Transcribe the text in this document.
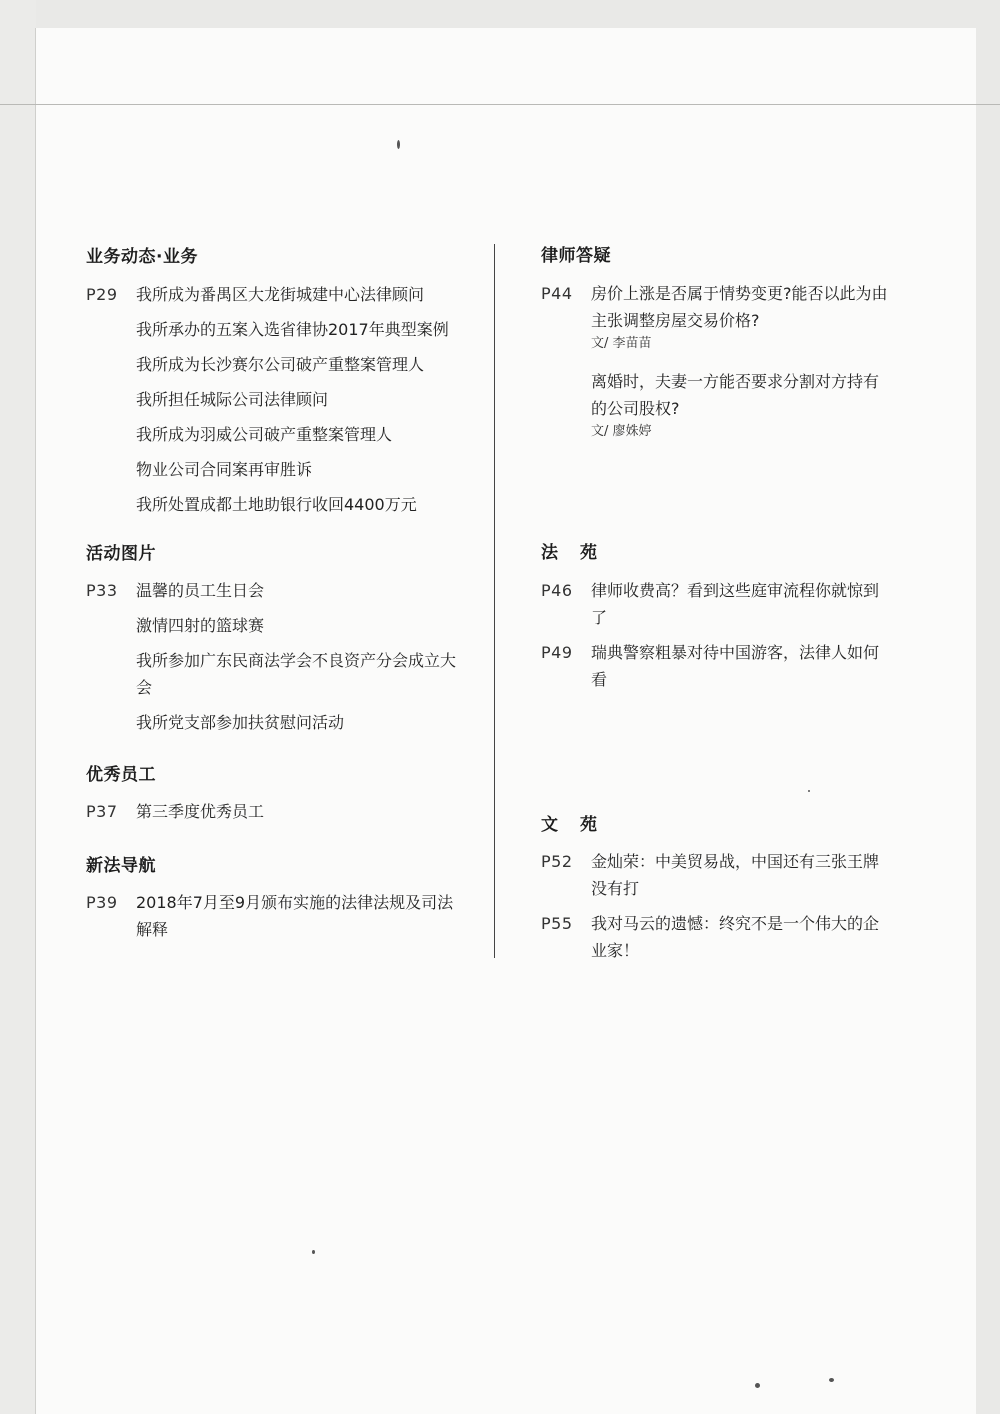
业务动态·业务
P29 我所成为番禺区大龙街城建中心法律顾问
我所承办的五案入选省律协2017年典型案例
我所成为长沙赛尔公司破产重整案管理人
我所担任城际公司法律顾问
我所成为羽威公司破产重整案管理人
物业公司合同案再审胜诉
我所处置成都土地助银行收回4400万元
活动图片
P33 温馨的员工生日会
激情四射的篮球赛
我所参加广东民商法学会不良资产分会成立大会
我所党支部参加扶贫慰问活动
优秀员工
P37 第三季度优秀员工
新法导航
P39 2018年7月至9月颁布实施的法律法规及司法解释
律师答疑
P44 房价上涨是否属于情势变更?能否以此为由主张调整房屋交易价格?
文/ 李苗苗
离婚时，夫妻一方能否要求分割对方持有的公司股权?
文/ 廖姝婷
法苑
P46 律师收费高？看到这些庭审流程你就惊到了
P49 瑞典警察粗暴对待中国游客，法律人如何看
文苑
P52 金灿荣：中美贸易战，中国还有三张王牌没有打
P55 我对马云的遗憾：终究不是一个伟大的企业家！
